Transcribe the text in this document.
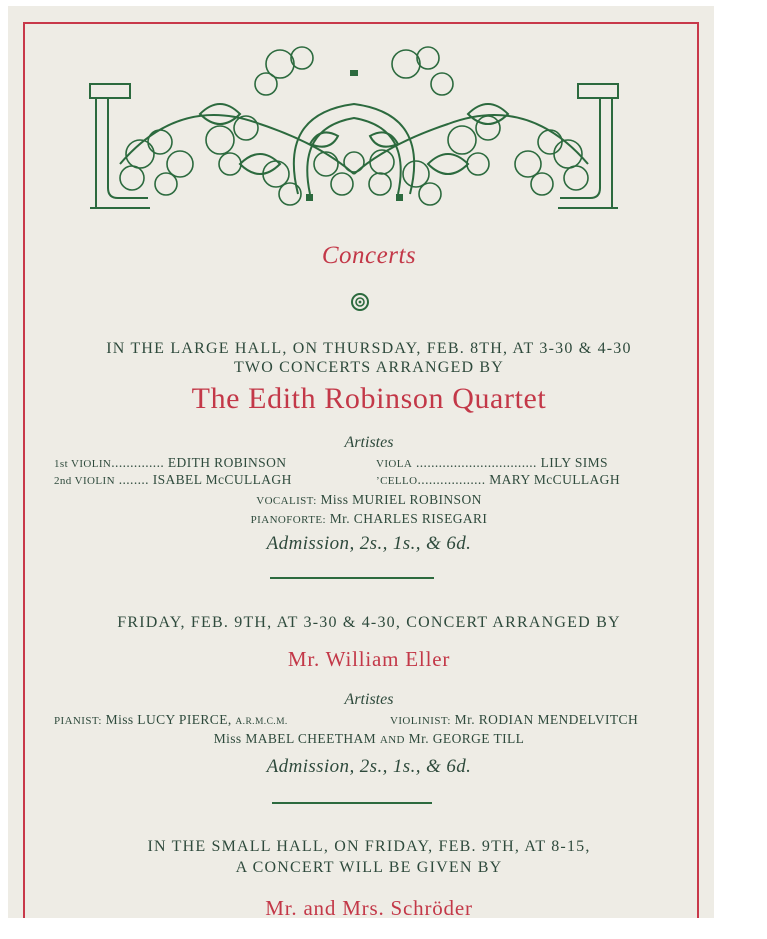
Concerts
IN THE LARGE HALL, ON THURSDAY, FEB. 8TH, AT 3-30 & 4-30
TWO CONCERTS ARRANGED BY
The Edith Robinson Quartet
Artistes
1st VIOLIN.............. EDITH ROBINSON	VIOLA ................................ LILY SIMS
2nd VIOLIN ........ ISABEL McCULLAGH	’CELLO.................. MARY McCULLAGH
VOCALIST: Miss MURIEL ROBINSON
PIANOFORTE: Mr. CHARLES RISEGARI
Admission, 2s., 1s., & 6d.
FRIDAY, FEB. 9TH, AT 3-30 & 4-30, CONCERT ARRANGED BY
Mr. William Eller
Artistes
PIANIST: Miss LUCY PIERCE, A.R.M.C.M.	VIOLINIST: Mr. RODIAN MENDELVITCH
Miss MABEL CHEETHAM AND Mr. GEORGE TILL
Admission, 2s., 1s., & 6d.
IN THE SMALL HALL, ON FRIDAY, FEB. 9TH, AT 8-15,
A CONCERT WILL BE GIVEN BY
Mr. and Mrs. Schröder
